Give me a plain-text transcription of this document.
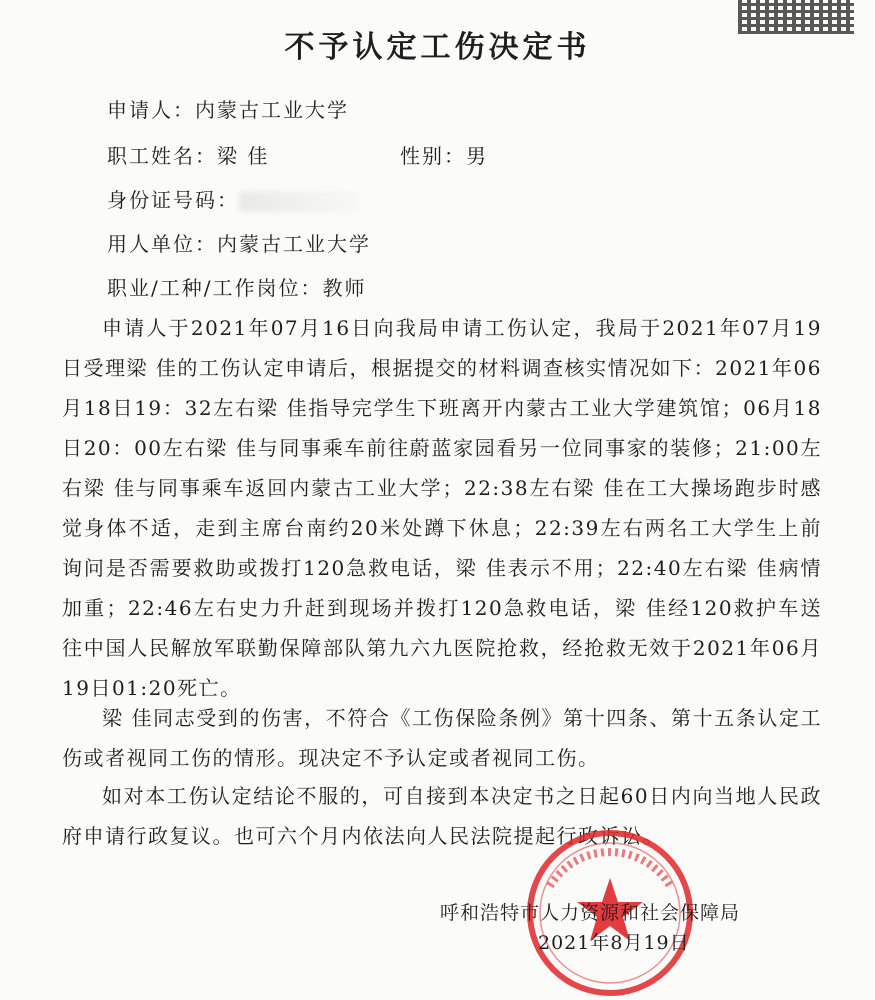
不予认定工伤决定书
申请人：内蒙古工业大学
职工姓名：梁 佳	性别：男
身份证号码：
用人单位：内蒙古工业大学
职业/工种/工作岗位：教师
申请人于2021年07月16日向我局申请工伤认定，我局于2021年07月19日受理梁 佳的工伤认定申请后，根据提交的材料调查核实情况如下：2021年06月18日19：32左右梁 佳指导完学生下班离开内蒙古工业大学建筑馆；06月18日20：00左右梁 佳与同事乘车前往蔚蓝家园看另一位同事家的装修；21:00左右梁 佳与同事乘车返回内蒙古工业大学；22:38左右梁 佳在工大操场跑步时感觉身体不适，走到主席台南约20米处蹲下休息；22:39左右两名工大学生上前询问是否需要救助或拨打120急救电话，梁 佳表示不用；22:40左右梁 佳病情加重；22:46左右史力升赶到现场并拨打120急救电话，梁 佳经120救护车送往中国人民解放军联勤保障部队第九六九医院抢救，经抢救无效于2021年06月19日01:20死亡。
梁 佳同志受到的伤害，不符合《工伤保险条例》第十四条、第十五条认定工伤或者视同工伤的情形。现决定不予认定或者视同工伤。
如对本工伤认定结论不服的，可自接到本决定书之日起60日内向当地人民政府申请行政复议。也可六个月内依法向人民法院提起行政诉讼。
呼和浩特市人力资源和社会保障局
2021年8月19日
